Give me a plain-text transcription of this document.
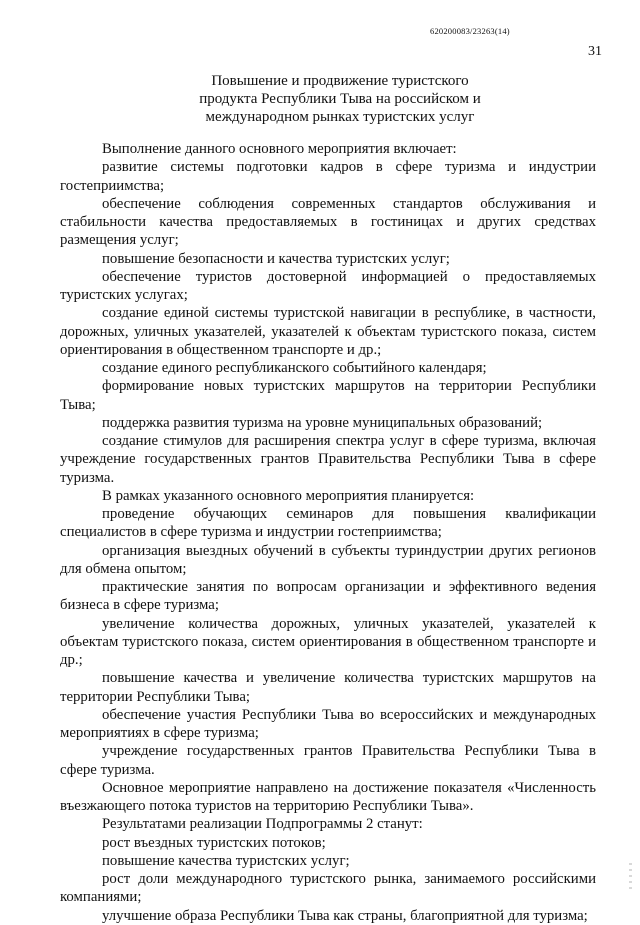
620200083/23263(14)
31
Повышение и продвижение туристского
продукта Республики Тыва на российском и
международном рынках туристских услуг

Выполнение данного основного мероприятия включает:

развитие системы подготовки кадров в сфере туризма и индустрии гостеприимства;

обеспечение соблюдения современных стандартов обслуживания и стабильности качества предоставляемых в гостиницах и других средствах размещения услуг;

повышение безопасности и качества туристских услуг;

обеспечение туристов достоверной информацией о предоставляемых туристских услугах;

создание единой системы туристской навигации в республике, в частности, дорожных, уличных указателей, указателей к объектам туристского показа, систем ориентирования в общественном транспорте и др.;

создание единого республиканского событийного календаря;

формирование новых туристских маршрутов на территории Республики Тыва;

поддержка развития туризма на уровне муниципальных образований;

создание стимулов для расширения спектра услуг в сфере туризма, включая учреждение государственных грантов Правительства Республики Тыва в сфере туризма.

В рамках указанного основного мероприятия планируется:

проведение обучающих семинаров для повышения квалификации специалистов в сфере туризма и индустрии гостеприимства;

организация выездных обучений в субъекты туриндустрии других регионов для обмена опытом;

практические занятия по вопросам организации и эффективного ведения бизнеса в сфере туризма;

увеличение количества дорожных, уличных указателей, указателей к объектам туристского показа, систем ориентирования в общественном транспорте и др.;

повышение качества и увеличение количества туристских маршрутов на территории Республики Тыва;

обеспечение участия Республики Тыва во всероссийских и международных мероприятиях в сфере туризма;

учреждение государственных грантов Правительства Республики Тыва в сфере туризма.

Основное мероприятие направлено на достижение показателя «Численность въезжающего потока туристов на территорию Республики Тыва».

Результатами реализации Подпрограммы 2 станут:

рост въездных туристских потоков;

повышение качества туристских услуг;

рост доли международного туристского рынка, занимаемого российскими компаниями;

улучшение образа Республики Тыва как страны, благоприятной для туризма;
